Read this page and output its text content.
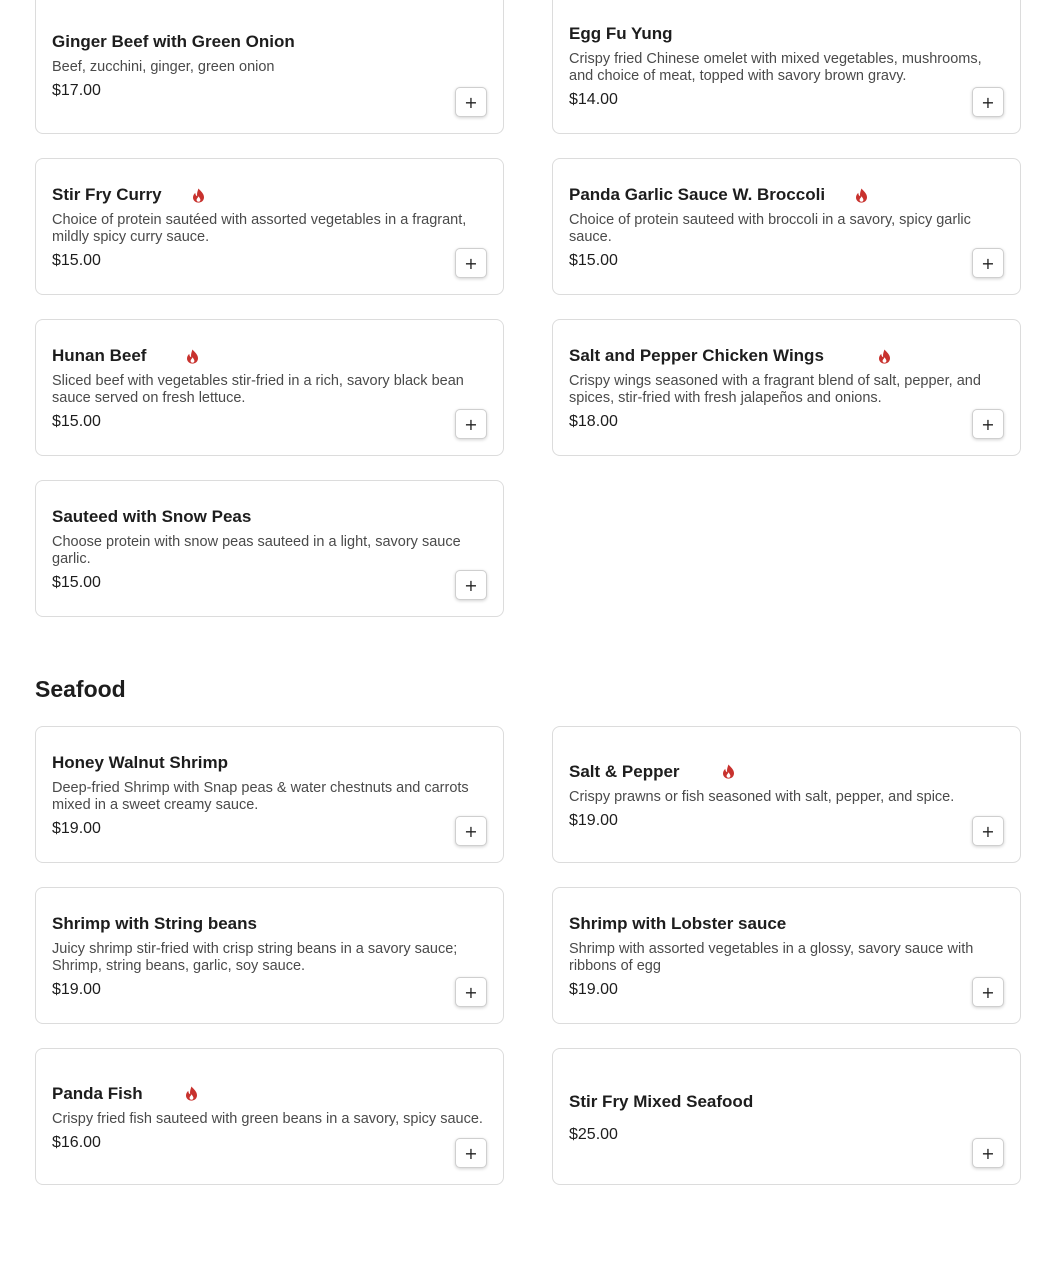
Ginger Beef with Green Onion
Beef, zucchini, ginger, green onion
$17.00
+
Egg Fu Yung
Crispy fried Chinese omelet with mixed vegetables, mushrooms, and choice of meat, topped with savory brown gravy.
$14.00	+
Stir Fry Curry
Choice of protein sautéed with assorted vegetables in a fragrant, mildly spicy curry sauce.
$15.00	+
Panda Garlic Sauce W. Broccoli
Choice of protein sauteed with broccoli in a savory, spicy garlic sauce.
$15.00	+
Hunan Beef
Sliced beef with vegetables stir-fried in a rich, savory black bean sauce served on fresh lettuce.
$15.00	+
Salt and Pepper Chicken Wings
Crispy wings seasoned with a fragrant blend of salt, pepper, and spices, stir-fried with fresh jalapeños and onions.
$18.00	+
Sauteed with Snow Peas
Choose protein with snow peas sauteed in a light, savory sauce garlic.
$15.00	+
Seafood
Honey Walnut Shrimp
Deep-fried Shrimp with Snap peas & water chestnuts and carrots mixed in a sweet creamy sauce.
$19.00	+
Salt & Pepper
Crispy prawns or fish seasoned with salt, pepper, and spice.
$19.00
+
Shrimp with String beans
Juicy shrimp stir-fried with crisp string beans in a savory sauce; Shrimp, string beans, garlic, soy sauce.
$19.00	+
Shrimp with Lobster sauce
Shrimp with assorted vegetables in a glossy, savory sauce with ribbons of egg
$19.00	+
Panda Fish
Crispy fried fish sauteed with green beans in a savory, spicy sauce.
$16.00
+
Stir Fry Mixed Seafood
$25.00
+
